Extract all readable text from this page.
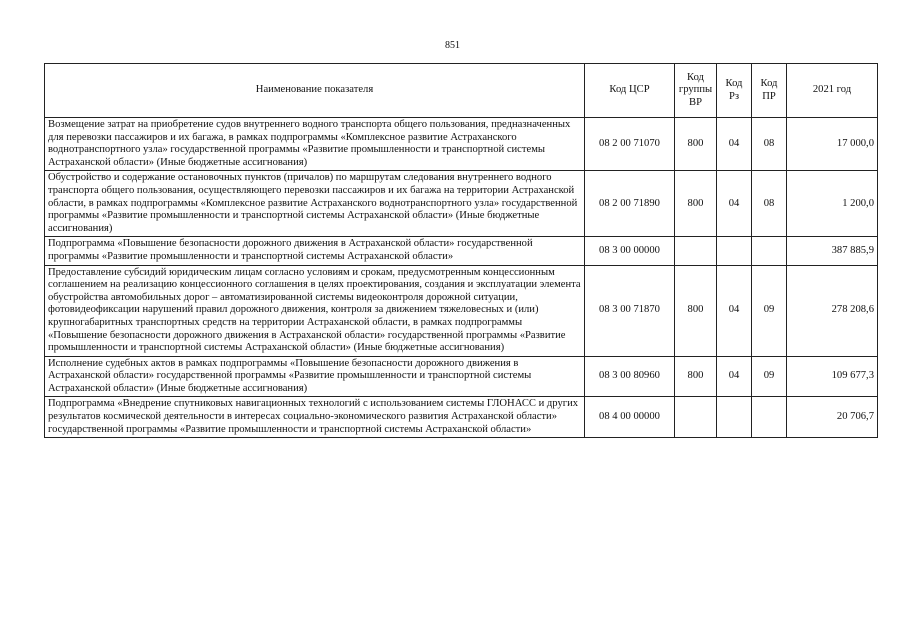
851
Наименование показателя	Код ЦСР	Код группы ВР	Код Рз	Код ПР	2021 год
Возмещение затрат на приобретение судов внутреннего водного транспорта общего пользования, предназначенных для перевозки пассажиров и их багажа, в рамках подпрограммы «Комплексное развитие Астраханского воднотранспортного узла» государственной программы «Развитие промышленности и транспортной системы Астраханской области» (Иные бюджетные ассигнования)	08 2 00 71070	800	04	08	17 000,0
Обустройство и содержание остановочных пунктов (причалов) по маршрутам следования внутреннего водного транспорта общего пользования, осуществляющего перевозки пассажиров и их багажа на территории Астраханской области, в рамках подпрограммы «Комплексное развитие Астраханского воднотранспортного узла» государственной программы «Развитие промышленности и транспортной системы Астраханской области» (Иные бюджетные ассигнования)	08 2 00 71890	800	04	08	1 200,0
Подпрограмма «Повышение безопасности дорожного движения в Астраханской области» государственной программы «Развитие промышленности и транспортной системы Астраханской области»	08 3 00 00000				387 885,9
Предоставление субсидий юридическим лицам согласно условиям и срокам, предусмотренным концессионным соглашением на реализацию концессионного соглашения в целях проектирования, создания и эксплуатации элемента обустройства автомобильных дорог – автоматизированной системы видеоконтроля дорожной ситуации, фотовидеофиксации нарушений правил дорожного движения, контроля за движением тяжеловесных и (или) крупногабаритных транспортных средств на территории Астраханской области, в рамках подпрограммы «Повышение безопасности дорожного движения в Астраханской области» государственной программы «Развитие промышленности и транспортной системы Астраханской области» (Иные бюджетные ассигнования)	08 3 00 71870	800	04	09	278 208,6
Исполнение судебных актов в рамках подпрограммы «Повышение безопасности дорожного движения в Астраханской области» государственной программы «Развитие промышленности и транспортной системы Астраханской области» (Иные бюджетные ассигнования)	08 3 00 80960	800	04	09	109 677,3
Подпрограмма «Внедрение спутниковых навигационных технологий с использованием системы ГЛОНАСС и других результатов космической деятельности в интересах социально-экономического развития Астраханской области» государственной программы «Развитие промышленности и транспортной системы Астраханской области»	08 4 00 00000				20 706,7
